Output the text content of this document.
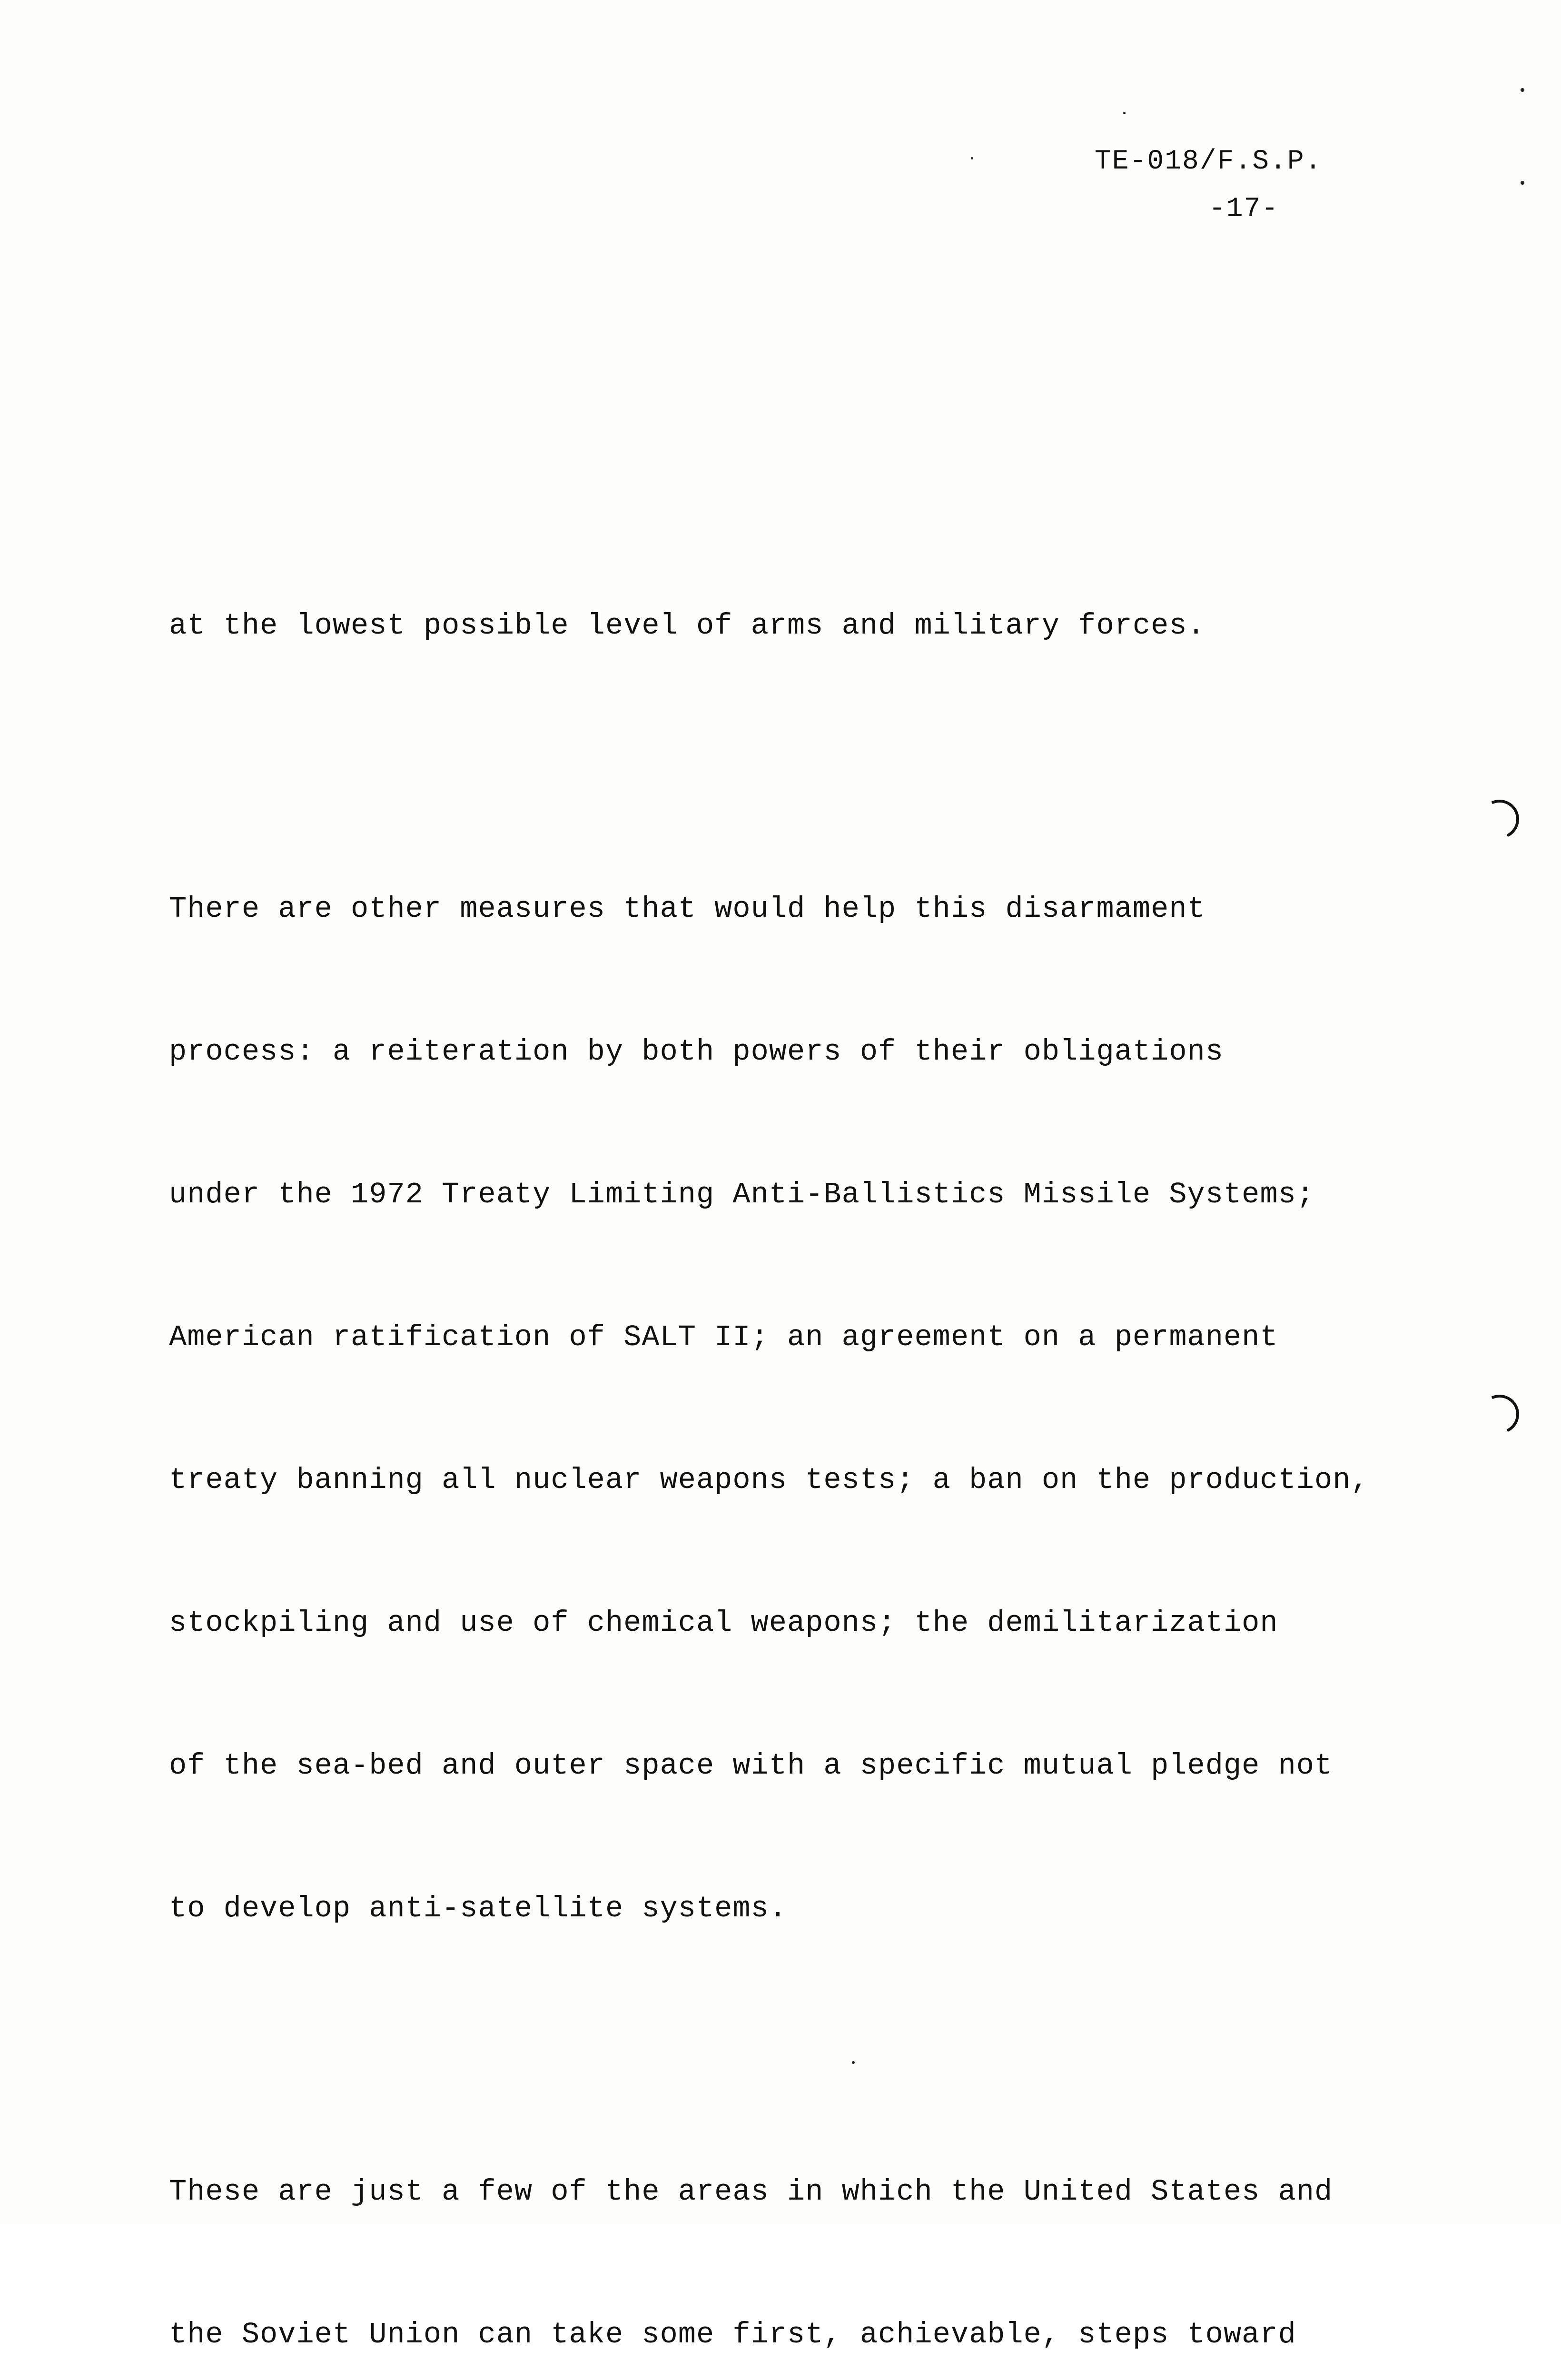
TE-018/F.S.P.
-17-

at the lowest possible level of arms and military forces.

There are other measures that would help this disarmament

process: a reiteration by both powers of their obligations

under the 1972 Treaty Limiting Anti-Ballistics Missile Systems;

American ratification of SALT II; an agreement on a permanent

treaty banning all nuclear weapons tests; a ban on the production,

stockpiling and use of chemical weapons; the demilitarization

of the sea-bed and outer space with a specific mutual pledge not

to develop anti-satellite systems.

These are just a few of the areas in which the United States and

the Soviet Union can take some first, achievable, steps toward
